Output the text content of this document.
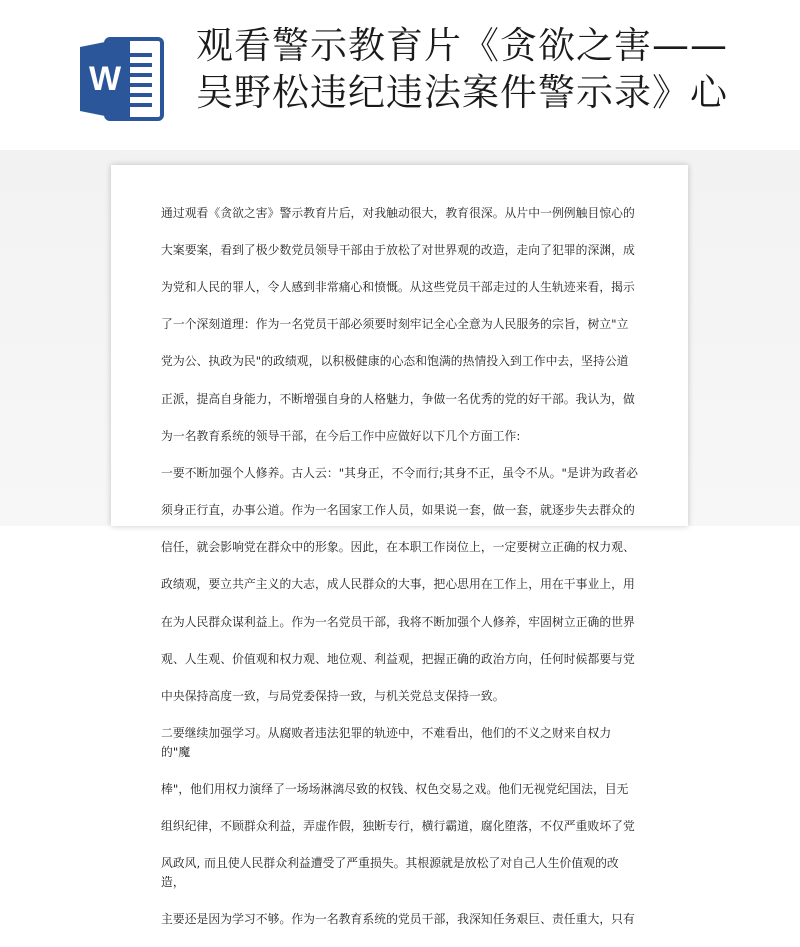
W
观看警示教育片《贪欲之害——
吴野松违纪违法案件警示录》心

通过观看《贪欲之害》警示教育片后，对我触动很大，教育很深。从片中一例例触目惊心的

大案要案，看到了极少数党员领导干部由于放松了对世界观的改造，走向了犯罪的深渊，成

为党和人民的罪人，令人感到非常痛心和愤慨。从这些党员干部走过的人生轨迹来看，揭示

了一个深刻道理：作为一名党员干部必须要时刻牢记全心全意为人民服务的宗旨，树立"立

党为公、执政为民"的政绩观，以积极健康的心态和饱满的热情投入到工作中去，坚持公道

正派，提高自身能力，不断增强自身的人格魅力，争做一名优秀的党的好干部。我认为，做

为一名教育系统的领导干部，在今后工作中应做好以下几个方面工作:

一要不断加强个人修养。古人云："其身正，不令而行;其身不正，虽令不从。"是讲为政者必

须身正行直，办事公道。作为一名国家工作人员，如果说一套，做一套，就逐步失去群众的

信任，就会影响党在群众中的形象。因此，在本职工作岗位上，一定要树立正确的权力观、

政绩观，要立共产主义的大志，成人民群众的大事，把心思用在工作上，用在干事业上，用

在为人民群众谋利益上。作为一名党员干部，我将不断加强个人修养，牢固树立正确的世界

观、人生观、价值观和权力观、地位观、利益观，把握正确的政治方向，任何时候都要与党

中央保持高度一致，与局党委保持一致，与机关党总支保持一致。

二要继续加强学习。从腐败者违法犯罪的轨迹中，不难看出，他们的不义之财来自权力的"魔

棒"，他们用权力演绎了一场场淋漓尽致的权钱、权色交易之戏。他们无视党纪国法，目无

组织纪律，不顾群众利益，弄虚作假，独断专行，横行霸道，腐化堕落，不仅严重败坏了党

风政风, 而且使人民群众利益遭受了严重损失。其根源就是放松了对自己人生价值观的改造，

主要还是因为学习不够。作为一名教育系统的党员干部，我深知任务艰巨、责任重大，只有
